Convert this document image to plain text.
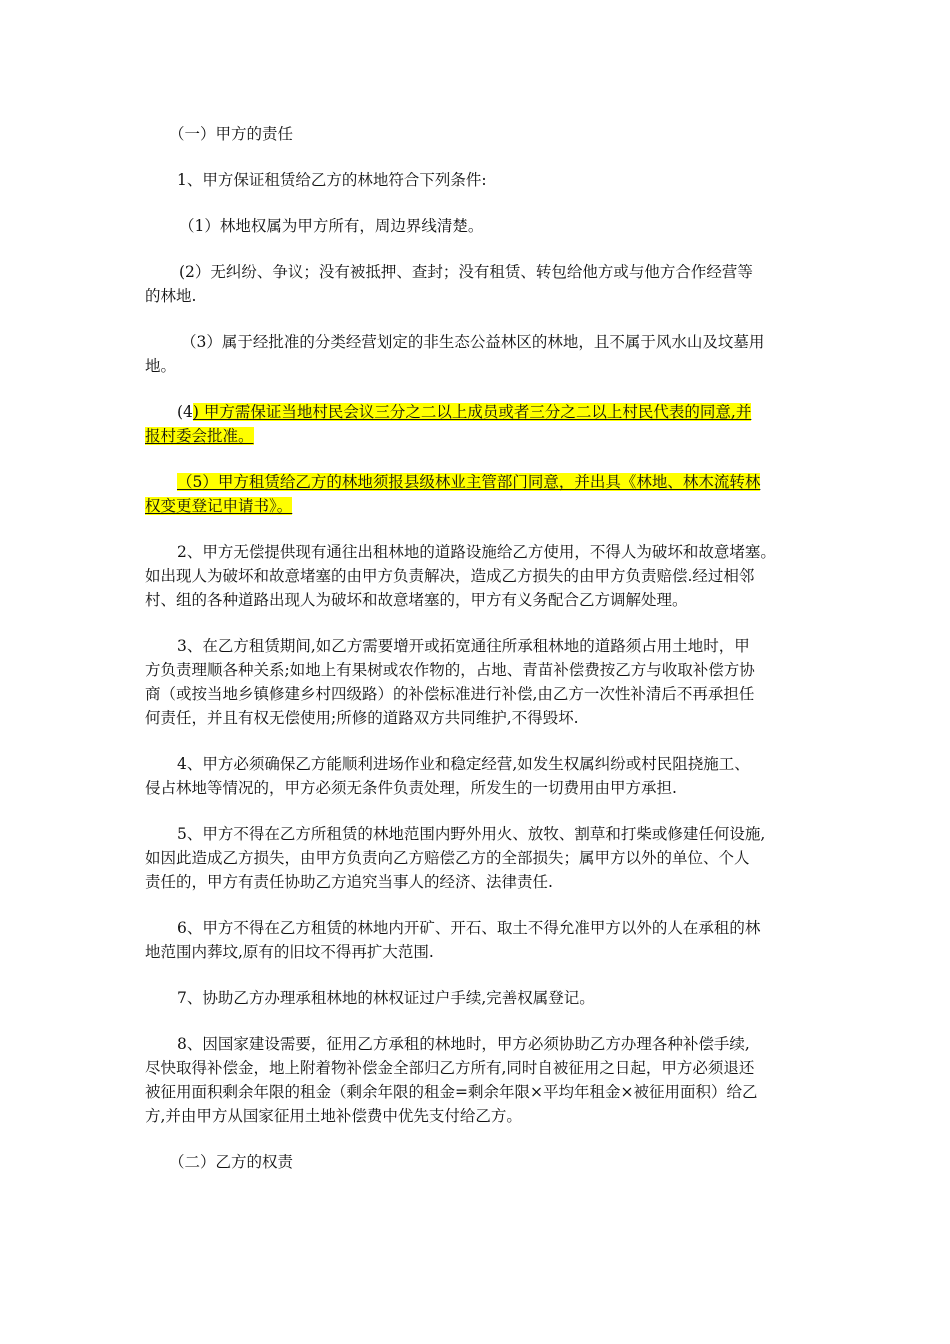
（一）甲方的责任

1、甲方保证租赁给乙方的林地符合下列条件:

（1）林地权属为甲方所有，周边界线清楚。

(2）无纠纷、争议；没有被抵押、查封；没有租赁、转包给他方或与他方合作经营等
的林地.

（3）属于经批准的分类经营划定的非生态公益林区的林地，且不属于风水山及坟墓用
地。

(4) 甲方需保证当地村民会议三分之二以上成员或者三分之二以上村民代表的同意,并
报村委会批准。

（5）甲方租赁给乙方的林地须报县级林业主管部门同意，并出具《林地、林木流转林
权变更登记申请书》。

2、甲方无偿提供现有通往出租林地的道路设施给乙方使用，不得人为破坏和故意堵塞。
如出现人为破坏和故意堵塞的由甲方负责解决，造成乙方损失的由甲方负责赔偿.经过相邻
村、组的各种道路出现人为破坏和故意堵塞的，甲方有义务配合乙方调解处理。

3、在乙方租赁期间,如乙方需要增开或拓宽通往所承租林地的道路须占用土地时，甲
方负责理顺各种关系;如地上有果树或农作物的，占地、青苗补偿费按乙方与收取补偿方协
商（或按当地乡镇修建乡村四级路）的补偿标准进行补偿,由乙方一次性补清后不再承担任
何责任，并且有权无偿使用;所修的道路双方共同维护,不得毁坏.

4、甲方必须确保乙方能顺利进场作业和稳定经营,如发生权属纠纷或村民阻挠施工、
侵占林地等情况的，甲方必须无条件负责处理，所发生的一切费用由甲方承担.

5、甲方不得在乙方所租赁的林地范围内野外用火、放牧、割草和打柴或修建任何设施,
如因此造成乙方损失，由甲方负责向乙方赔偿乙方的全部损失；属甲方以外的单位、个人
责任的，甲方有责任协助乙方追究当事人的经济、法律责任.

6、甲方不得在乙方租赁的林地内开矿、开石、取土不得允准甲方以外的人在承租的林
地范围内葬坟,原有的旧坟不得再扩大范围.

7、协助乙方办理承租林地的林权证过户手续,完善权属登记。

8、因国家建设需要，征用乙方承租的林地时，甲方必须协助乙方办理各种补偿手续,
尽快取得补偿金，地上附着物补偿金全部归乙方所有,同时自被征用之日起，甲方必须退还
被征用面积剩余年限的租金（剩余年限的租金=剩余年限×平均年租金×被征用面积）给乙
方,并由甲方从国家征用土地补偿费中优先支付给乙方。

（二）乙方的权责
